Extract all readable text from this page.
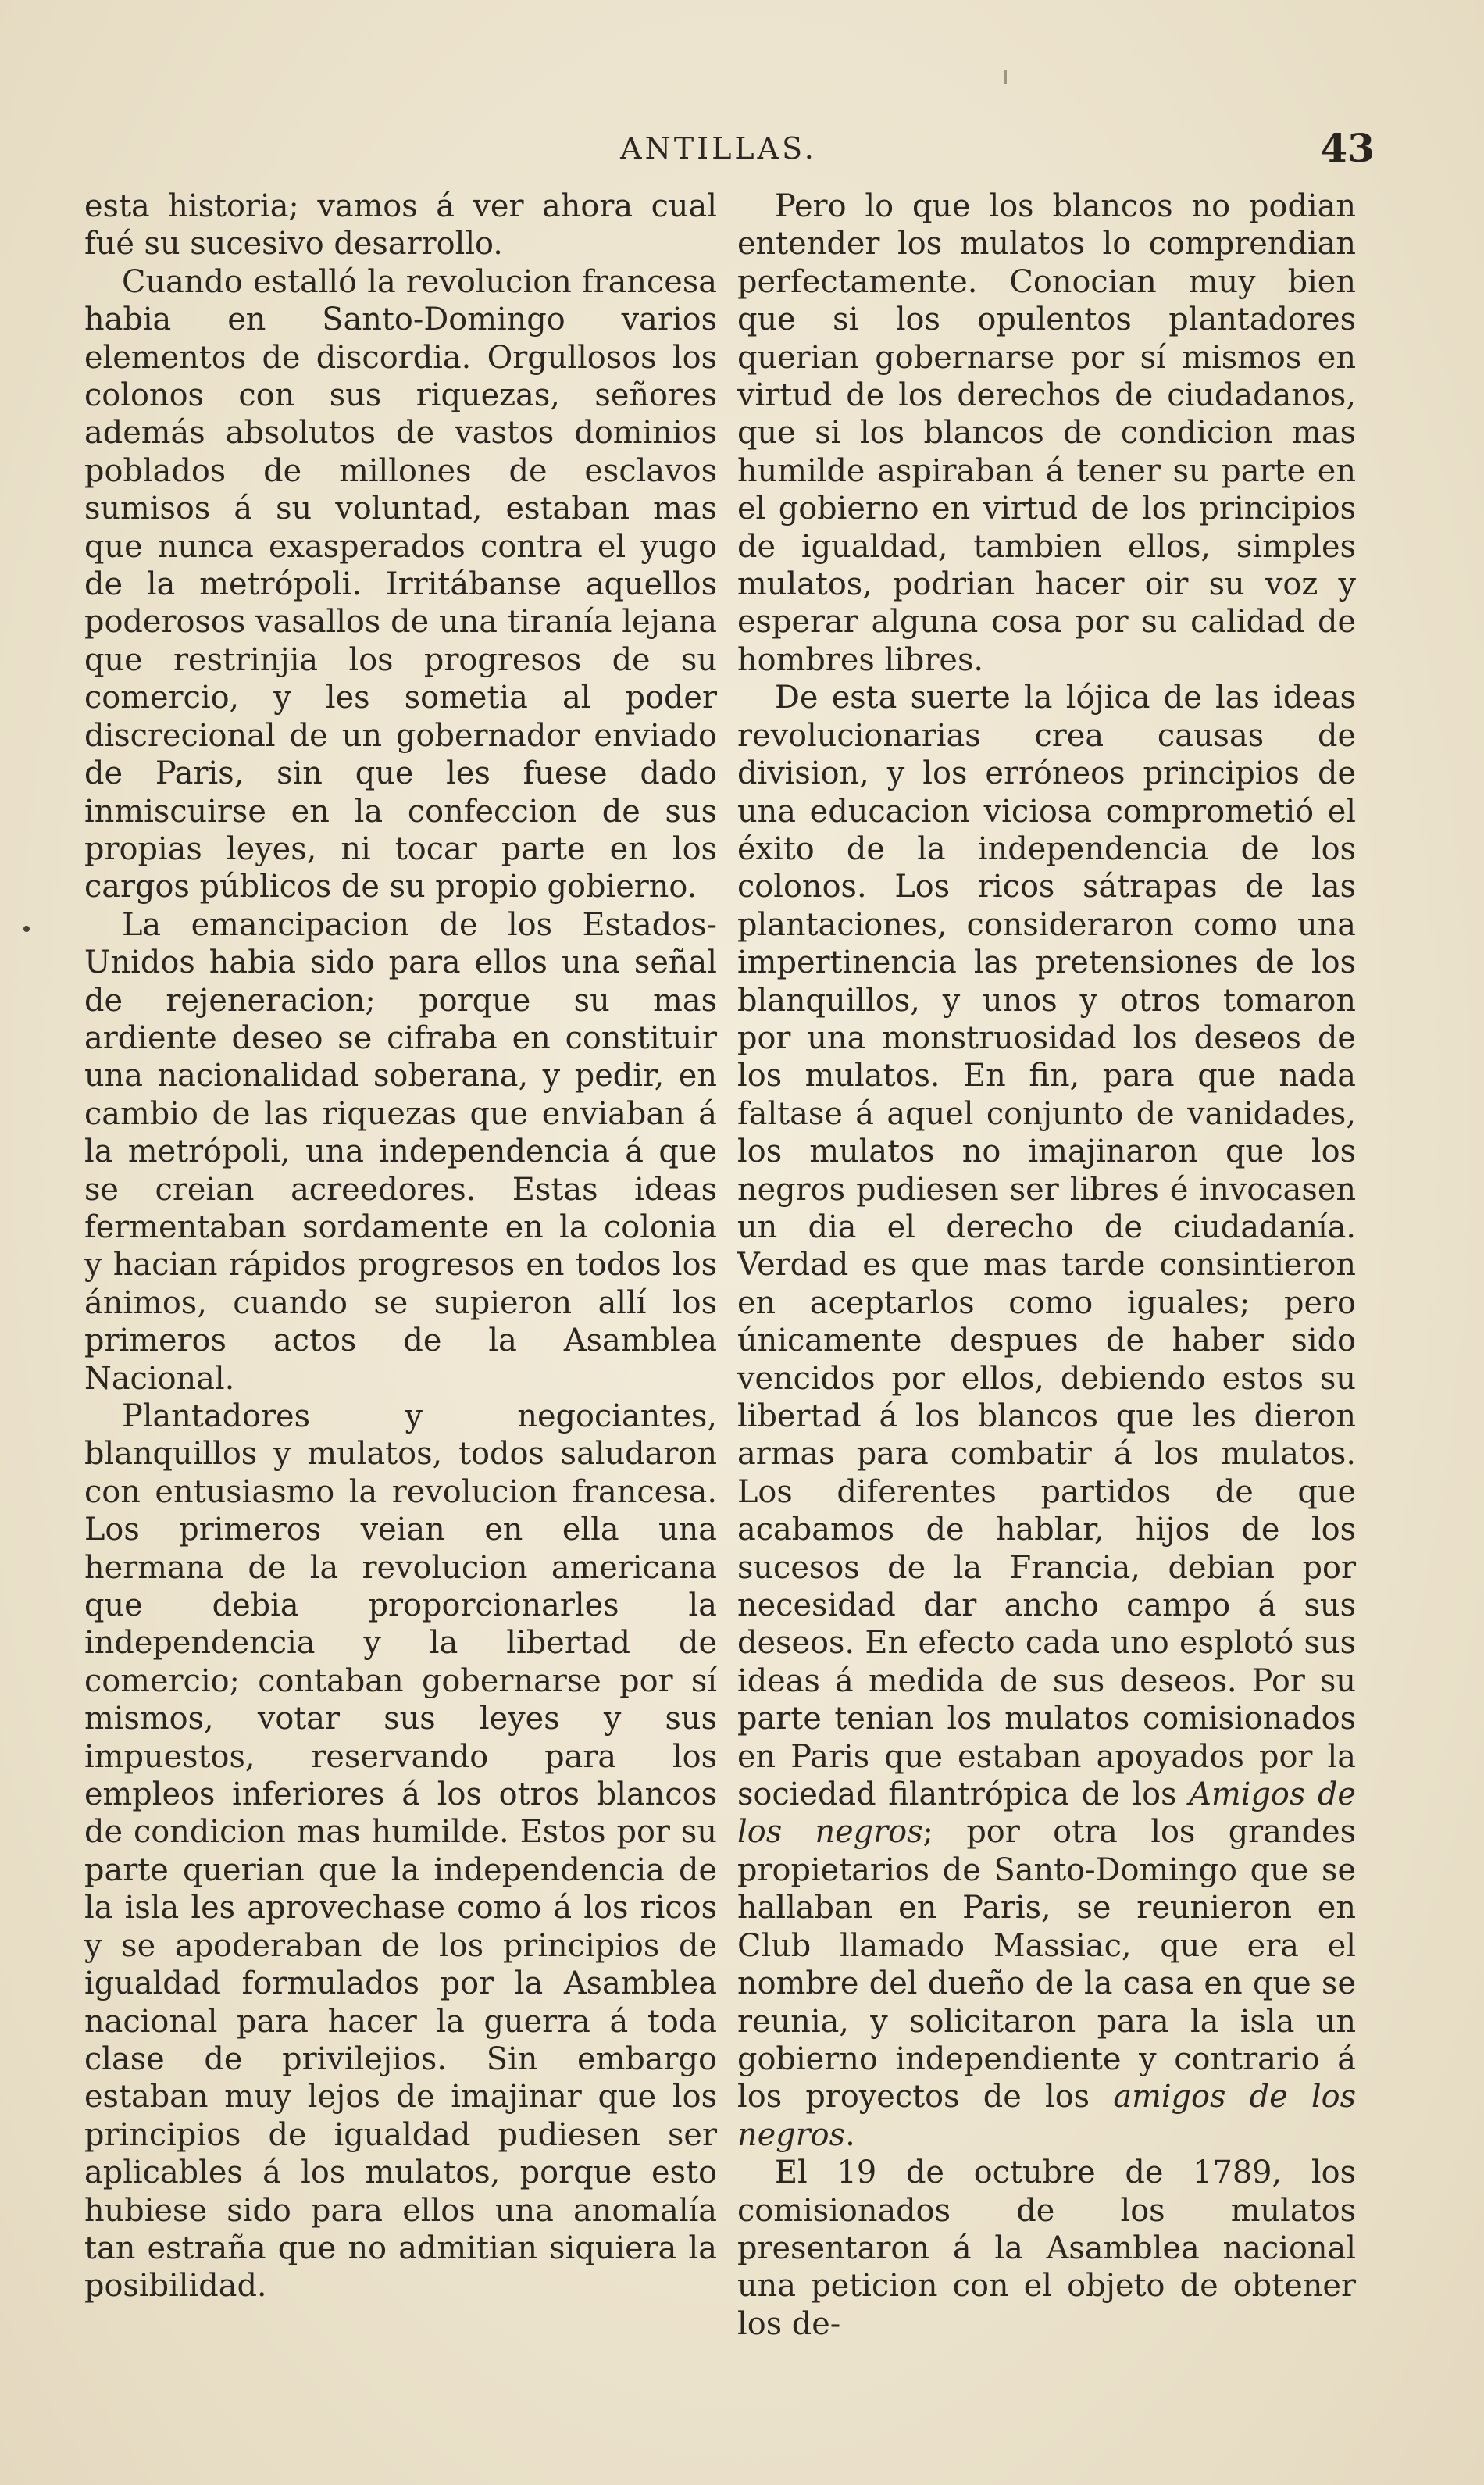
ANTILLAS.	43

esta historia; vamos á ver ahora cual fué su sucesivo desarrollo.

Cuando estalló la revolucion francesa habia en Santo-Domingo varios elementos de discordia. Orgullosos los colonos con sus riquezas, señores además absolutos de vastos dominios poblados de millones de esclavos sumisos á su voluntad, estaban mas que nunca exasperados contra el yugo de la metrópoli. Irritábanse aquellos poderosos vasallos de una tiranía lejana que restrinjia los progresos de su comercio, y les sometia al poder discrecional de un gobernador enviado de Paris, sin que les fuese dado inmiscuirse en la confeccion de sus propias leyes, ni tocar parte en los cargos públicos de su propio gobierno.

La emancipacion de los Estados-Unidos habia sido para ellos una señal de rejeneracion; porque su mas ardiente deseo se cifraba en constituir una nacionalidad soberana, y pedir, en cambio de las riquezas que enviaban á la metrópoli, una independencia á que se creian acreedores. Estas ideas fermentaban sordamente en la colonia y hacian rápidos progresos en todos los ánimos, cuando se supieron allí los primeros actos de la Asamblea Nacional.

Plantadores y negociantes, blanquillos y mulatos, todos saludaron con entusiasmo la revolucion francesa. Los primeros veian en ella una hermana de la revolucion americana que debia proporcionarles la independencia y la libertad de comercio; contaban gobernarse por sí mismos, votar sus leyes y sus impuestos, reservando para los empleos inferiores á los otros blancos de condicion mas humilde. Estos por su parte querian que la independencia de la isla les aprovechase como á los ricos y se apoderaban de los principios de igualdad formulados por la Asamblea nacional para hacer la guerra á toda clase de privilejios. Sin embargo estaban muy lejos de imajinar que los principios de igualdad pudiesen ser aplicables á los mulatos, porque esto hubiese sido para ellos una anomalía tan estraña que no admitian siquiera la posibilidad.

Pero lo que los blancos no podian entender los mulatos lo comprendian perfectamente. Conocian muy bien que si los opulentos plantadores querian gobernarse por sí mismos en virtud de los derechos de ciudadanos, que si los blancos de condicion mas humilde aspiraban á tener su parte en el gobierno en virtud de los principios de igualdad, tambien ellos, simples mulatos, podrian hacer oir su voz y esperar alguna cosa por su calidad de hombres libres.

De esta suerte la lójica de las ideas revolucionarias crea causas de division, y los erróneos principios de una educacion viciosa comprometió el éxito de la independencia de los colonos. Los ricos sátrapas de las plantaciones, consideraron como una impertinencia las pretensiones de los blanquillos, y unos y otros tomaron por una monstruosidad los deseos de los mulatos. En fin, para que nada faltase á aquel conjunto de vanidades, los mulatos no imajinaron que los negros pudiesen ser libres é invocasen un dia el derecho de ciudadanía. Verdad es que mas tarde consintieron en aceptarlos como iguales; pero únicamente despues de haber sido vencidos por ellos, debiendo estos su libertad á los blancos que les dieron armas para combatir á los mulatos. Los diferentes partidos de que acabamos de hablar, hijos de los sucesos de la Francia, debian por necesidad dar ancho campo á sus deseos. En efecto cada uno esplotó sus ideas á medida de sus deseos. Por su parte tenian los mulatos comisionados en Paris que estaban apoyados por la sociedad filantrópica de los Amigos de los negros; por otra los grandes propietarios de Santo-Domingo que se hallaban en Paris, se reunieron en Club llamado Massiac, que era el nombre del dueño de la casa en que se reunia, y solicitaron para la isla un gobierno independiente y contrario á los proyectos de los amigos de los negros.

El 19 de octubre de 1789, los comisionados de los mulatos presentaron á la Asamblea nacional una peticion con el objeto de obtener los de-
